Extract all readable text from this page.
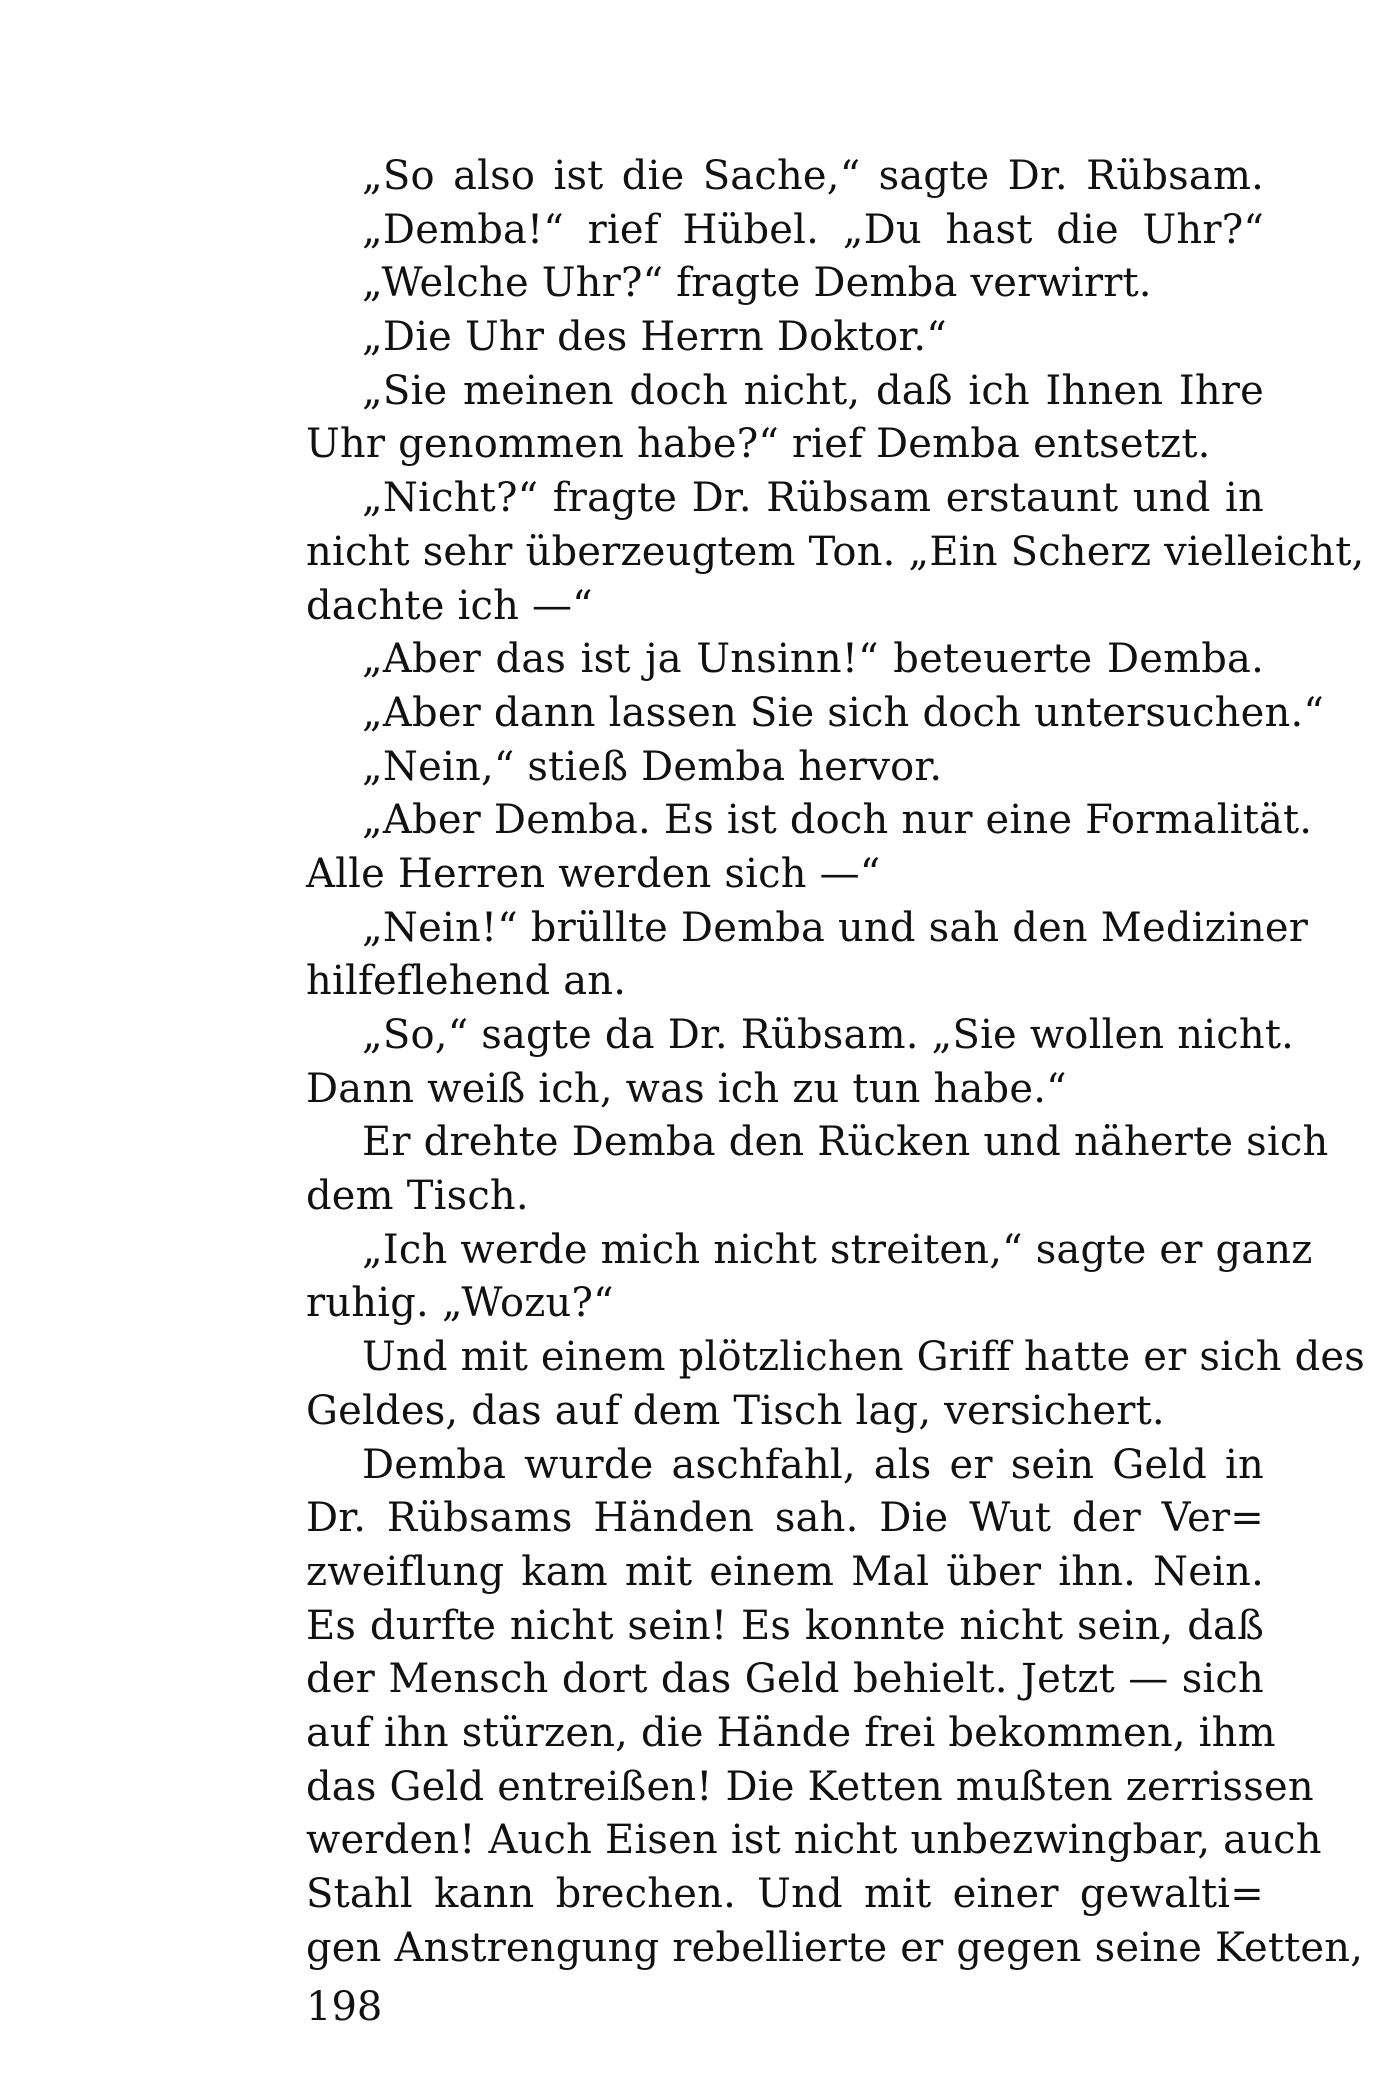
„So also ist die Sache,“ sagte Dr. Rübsam.
„Demba!“ rief Hübel. „Du hast die Uhr?“
„Welche Uhr?“ fragte Demba verwirrt.
„Die Uhr des Herrn Doktor.“
„Sie meinen doch nicht, daß ich Ihnen Ihre
Uhr genommen habe?“ rief Demba entsetzt.
„Nicht?“ fragte Dr. Rübsam erstaunt und in
nicht sehr überzeugtem Ton. „Ein Scherz vielleicht,
dachte ich —“
„Aber das ist ja Unsinn!“ beteuerte Demba.
„Aber dann lassen Sie sich doch untersuchen.“
„Nein,“ stieß Demba hervor.
„Aber Demba. Es ist doch nur eine Formalität.
Alle Herren werden sich —“
„Nein!“ brüllte Demba und sah den Mediziner
hilfeflehend an.
„So,“ sagte da Dr. Rübsam. „Sie wollen nicht.
Dann weiß ich, was ich zu tun habe.“
Er drehte Demba den Rücken und näherte sich
dem Tisch.
„Ich werde mich nicht streiten,“ sagte er ganz
ruhig. „Wozu?“
Und mit einem plötzlichen Griff hatte er sich des
Geldes, das auf dem Tisch lag, versichert.
Demba wurde aschfahl, als er sein Geld in
Dr. Rübsams Händen sah. Die Wut der Ver=
zweiflung kam mit einem Mal über ihn. Nein.
Es durfte nicht sein! Es konnte nicht sein, daß
der Mensch dort das Geld behielt. Jetzt — sich
auf ihn stürzen, die Hände frei bekommen, ihm
das Geld entreißen! Die Ketten mußten zerrissen
werden! Auch Eisen ist nicht unbezwingbar, auch
Stahl kann brechen. Und mit einer gewalti=
gen Anstrengung rebellierte er gegen seine Ketten,
198
